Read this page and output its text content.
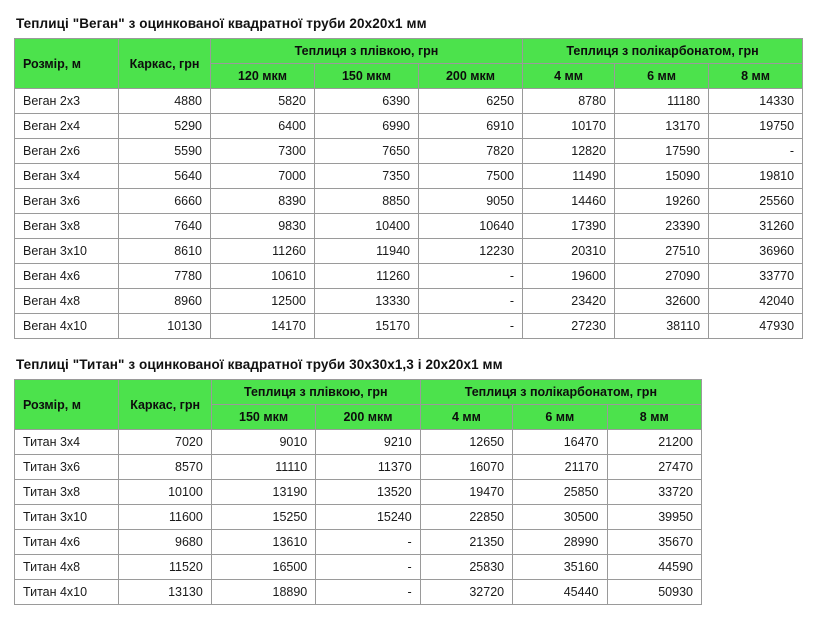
Теплиці "Веган" з оцинкованої квадратної труби 20х20х1 мм
Розмір, м	Каркас, грн	Теплиця з плівкою, грн			Теплиця з полікарбонатом, грн		
		120 мкм	150 мкм	200 мкм	4 мм	6 мм	8 мм
Веган 2х3	4880	5820	6390	6250	8780	11180	14330
Веган 2х4	5290	6400	6990	6910	10170	13170	19750
Веган 2х6	5590	7300	7650	7820	12820	17590	-
Веган 3х4	5640	7000	7350	7500	11490	15090	19810
Веган 3х6	6660	8390	8850	9050	14460	19260	25560
Веган 3х8	7640	9830	10400	10640	17390	23390	31260
Веган 3х10	8610	11260	11940	12230	20310	27510	36960
Веган 4х6	7780	10610	11260	-	19600	27090	33770
Веган 4х8	8960	12500	13330	-	23420	32600	42040
Веган 4х10	10130	14170	15170	-	27230	38110	47930
Теплиці "Титан" з оцинкованої квадратної труби 30х30х1,3 і 20х20х1 мм
Розмір, м	Каркас, грн	Теплиця з плівкою, грн		Теплиця з полікарбонатом, грн		
		150 мкм	200 мкм	4 мм	6 мм	8 мм
Титан 3х4	7020	9010	9210	12650	16470	21200
Титан 3х6	8570	11110	11370	16070	21170	27470
Титан 3х8	10100	13190	13520	19470	25850	33720
Титан 3х10	11600	15250	15240	22850	30500	39950
Титан 4х6	9680	13610	-	21350	28990	35670
Титан 4х8	11520	16500	-	25830	35160	44590
Титан 4х10	13130	18890	-	32720	45440	50930
